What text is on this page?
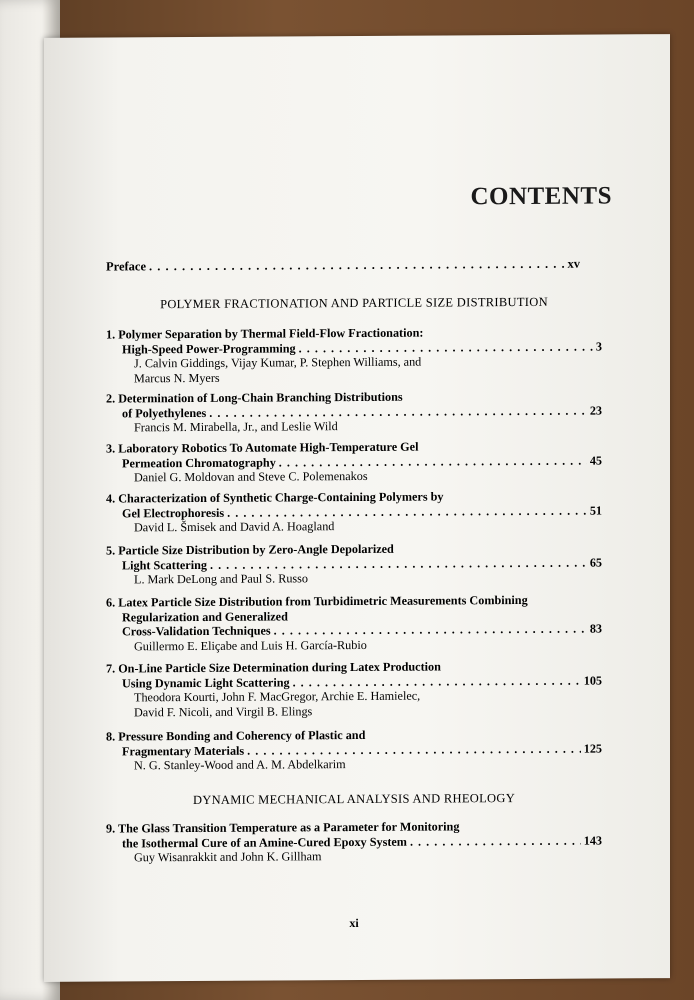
CONTENTS
Preface . . .	xv
POLYMER FRACTIONATION AND PARTICLE SIZE DISTRIBUTION
1. Polymer Separation by Thermal Field-Flow Fractionation:
High-Speed Power-Programming . . .	3
J. Calvin Giddings, Vijay Kumar, P. Stephen Williams, and
Marcus N. Myers
2. Determination of Long-Chain Branching Distributions
of Polyethylenes . . .	23
Francis M. Mirabella, Jr., and Leslie Wild
3. Laboratory Robotics To Automate High-Temperature Gel
Permeation Chromatography . . .	45
Daniel G. Moldovan and Steve C. Polemenakos
4. Characterization of Synthetic Charge-Containing Polymers by
Gel Electrophoresis . . .	51
David L. Šmisek and David A. Hoagland
5. Particle Size Distribution by Zero-Angle Depolarized
Light Scattering . . .	65
L. Mark DeLong and Paul S. Russo
6. Latex Particle Size Distribution from Turbidimetric Measurements Combining Regularization and Generalized
Cross-Validation Techniques . . .	83
Guillermo E. Eliçabe and Luis H. García-Rubio
7. On-Line Particle Size Determination during Latex Production
Using Dynamic Light Scattering . . .	105
Theodora Kourti, John F. MacGregor, Archie E. Hamielec,
David F. Nicoli, and Virgil B. Elings
8. Pressure Bonding and Coherency of Plastic and
Fragmentary Materials . . .	125
N. G. Stanley-Wood and A. M. Abdelkarim
DYNAMIC MECHANICAL ANALYSIS AND RHEOLOGY
9. The Glass Transition Temperature as a Parameter for Monitoring
the Isothermal Cure of an Amine-Cured Epoxy System . . .	143
Guy Wisanrakkit and John K. Gillham
xi
